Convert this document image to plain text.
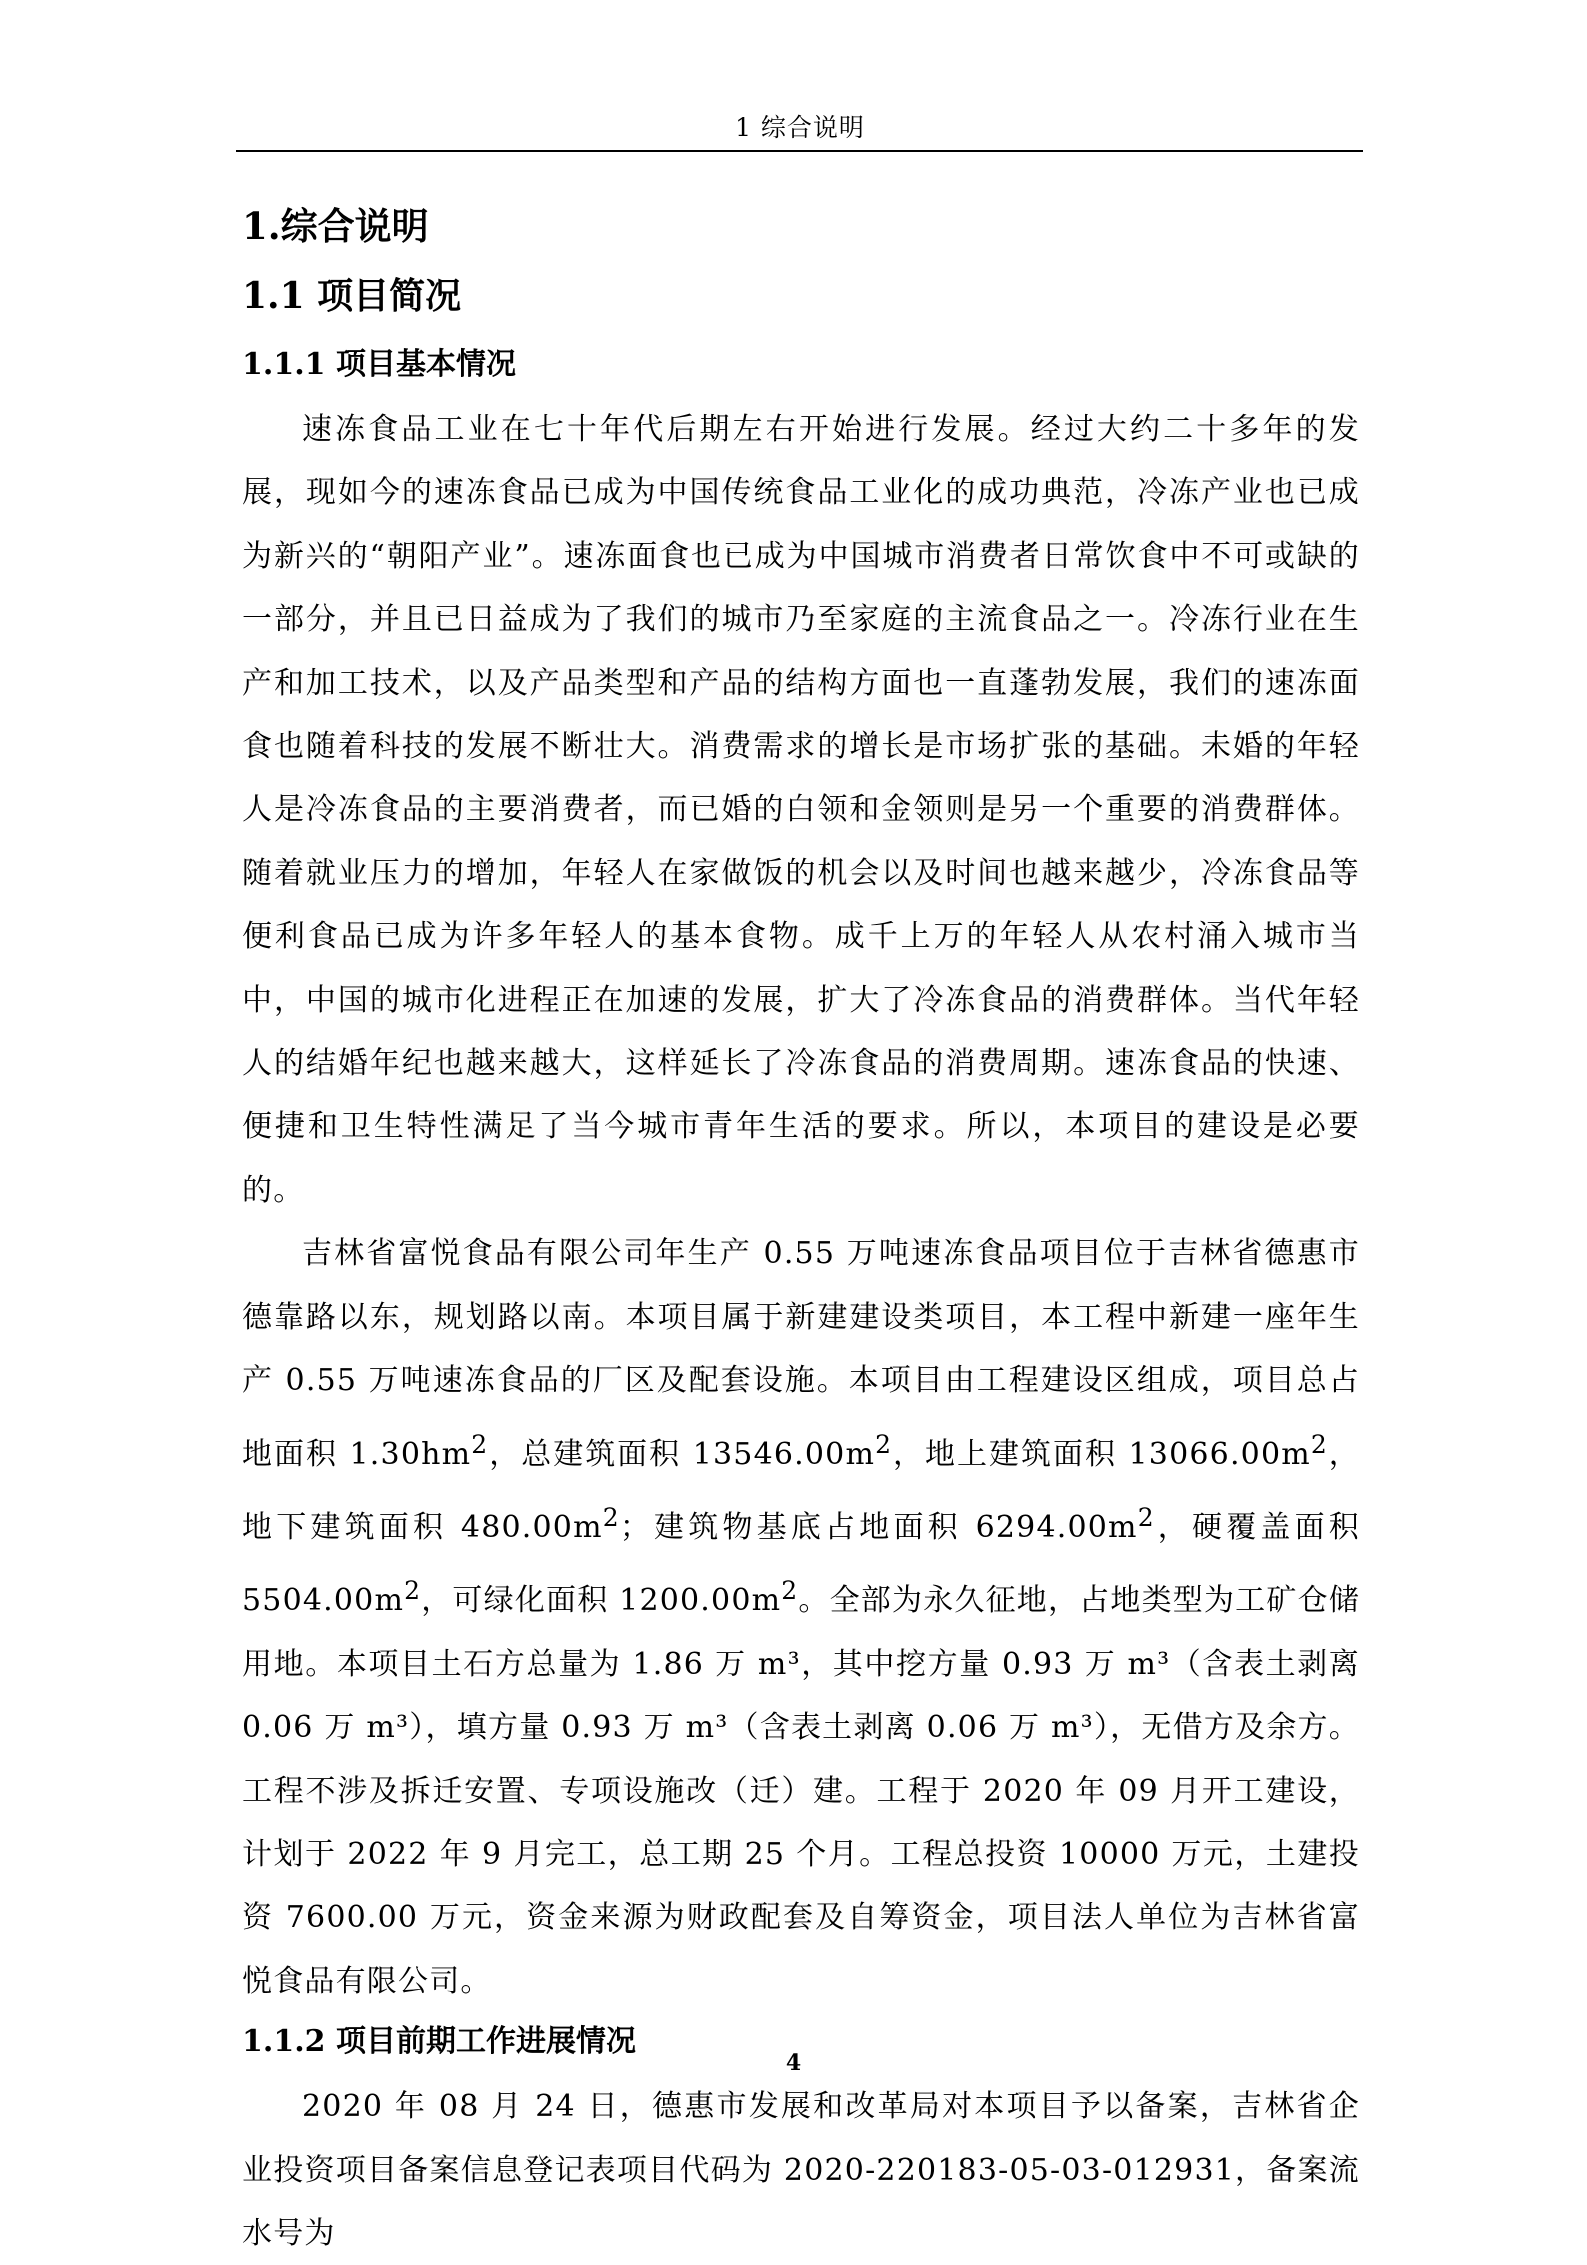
1 综合说明
1.综合说明
1.1 项目简况
1.1.1 项目基本情况

速冻食品工业在七十年代后期左右开始进行发展。经过大约二十多年的发展，现如今的速冻食品已成为中国传统食品工业化的成功典范，冷冻产业也已成为新兴的“朝阳产业”。速冻面食也已成为中国城市消费者日常饮食中不可或缺的一部分，并且已日益成为了我们的城市乃至家庭的主流食品之一。冷冻行业在生产和加工技术，以及产品类型和产品的结构方面也一直蓬勃发展，我们的速冻面食也随着科技的发展不断壮大。消费需求的增长是市场扩张的基础。未婚的年轻人是冷冻食品的主要消费者，而已婚的白领和金领则是另一个重要的消费群体。随着就业压力的增加，年轻人在家做饭的机会以及时间也越来越少，冷冻食品等便利食品已成为许多年轻人的基本食物。成千上万的年轻人从农村涌入城市当中，中国的城市化进程正在加速的发展，扩大了冷冻食品的消费群体。当代年轻人的结婚年纪也越来越大，这样延长了冷冻食品的消费周期。速冻食品的快速、便捷和卫生特性满足了当今城市青年生活的要求。所以，本项目的建设是必要的。

吉林省富悦食品有限公司年生产 0.55 万吨速冻食品项目位于吉林省德惠市德靠路以东，规划路以南。本项目属于新建建设类项目，本工程中新建一座年生产 0.55 万吨速冻食品的厂区及配套设施。本项目由工程建设区组成，项目总占地面积 $1.30hm^2$，总建筑面积 $13546.00m^2$，地上建筑面积 $13066.00m^2$，地下建筑面积 $480.00m^2$；建筑物基底占地面积 $6294.00m^2$，硬覆盖面积 $5504.00m^2$，可绿化面积 $1200.00m^2$。全部为永久征地，占地类型为工矿仓储用地。本项目土石方总量为 1.86 万 m³，其中挖方量 0.93 万 m³（含表土剥离 0.06 万 m³），填方量 0.93 万 m³（含表土剥离 0.06 万 m³），无借方及余方。工程不涉及拆迁安置、专项设施改（迁）建。工程于 2020 年 09 月开工建设，计划于 2022 年 9 月完工，总工期 25 个月。工程总投资 10000 万元，土建投资 7600.00 万元，资金来源为财政配套及自筹资金，项目法人单位为吉林省富悦食品有限公司。

1.1.2 项目前期工作进展情况

2020 年 08 月 24 日，德惠市发展和改革局对本项目予以备案，吉林省企业投资项目备案信息登记表项目代码为 2020-220183-05-03-012931，备案流水号为

4
